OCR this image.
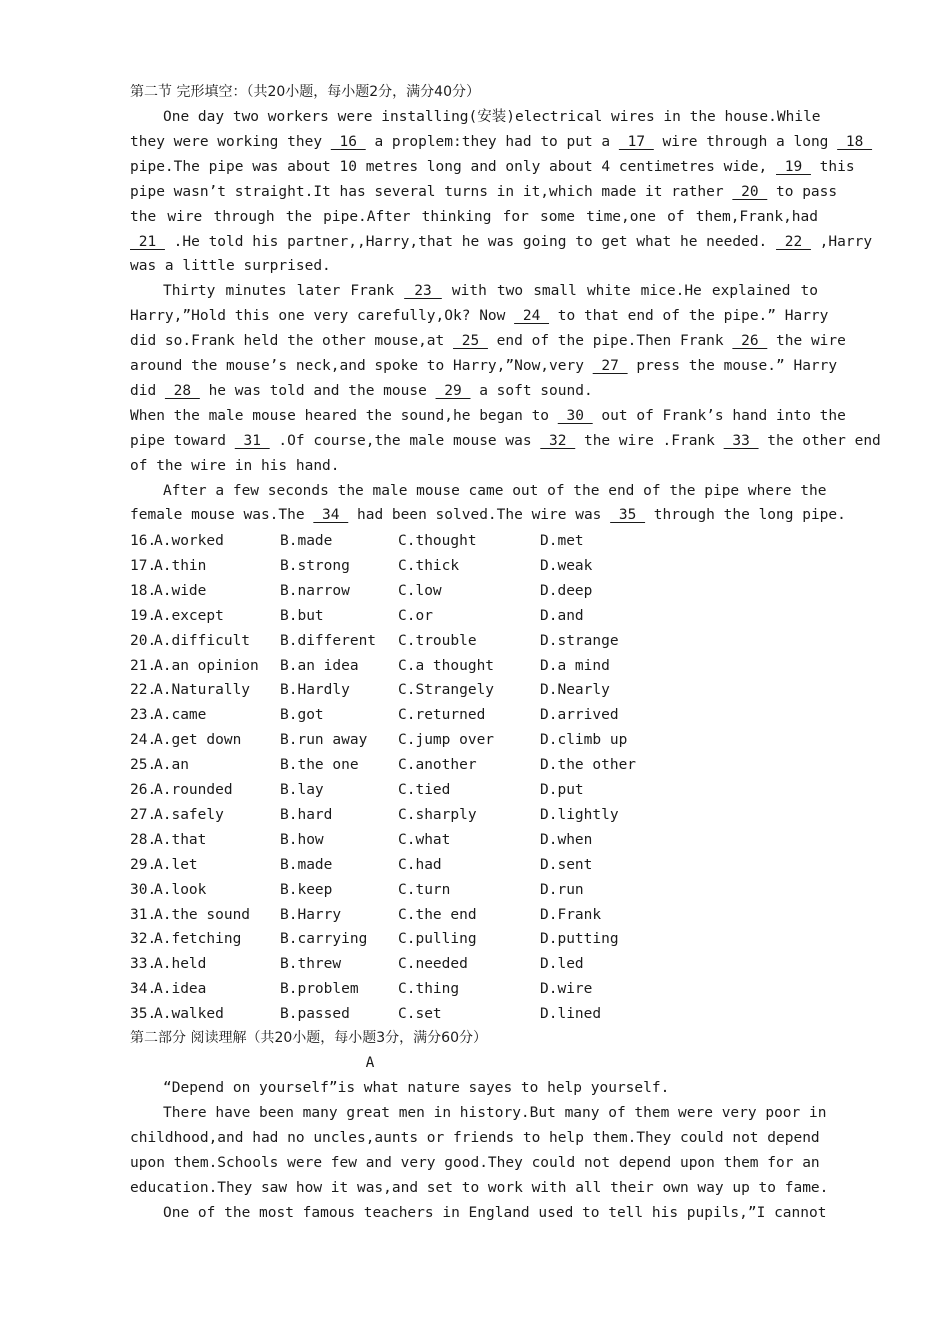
第二节 完形填空：（共20小题，每小题2分，满分40分）
One day two workers were installing(安装)electrical wires in the house.While
they were working they  16  a proplem:they had to put a  17  wire through a long  18
pipe.The pipe was about 10 metres long and only about 4 centimetres wide,  19  this
pipe wasn’t straight.It has several turns in it,which made it rather  20  to pass
the wire through the pipe.After thinking for some time,one of them,Frank,had
21  .He told his partner,,Harry,that he was going to get what he needed.  22  ,Harry
was a little surprised.
Thirty minutes later Frank  23  with two small white mice.He explained to
Harry,”Hold this one very carefully,Ok? Now  24  to that end of the pipe.” Harry
did so.Frank held the other mouse,at  25  end of the pipe.Then Frank  26  the wire
around the mouse’s neck,and spoke to Harry,”Now,very  27  press the mouse.” Harry
did  28  he was told and the mouse  29  a soft sound.
When the male mouse heared the sound,he began to  30  out of Frank’s hand into the
pipe toward  31  .Of course,the male mouse was  32  the wire .Frank  33  the other end
of the wire in his hand.
After a few seconds the male mouse came out of the end of the pipe where the
female mouse was.The  34  had been solved.The wire was  35  through the long pipe.
16.
A.worked	B.made	C.thought	D.met
17.
A.thin	B.strong	C.thick	D.weak
18.
A.wide	B.narrow	C.low	D.deep
19.
A.except	B.but	C.or	D.and
20.
A.difficult B.different C.trouble	D.strange
21.
A.an opinion B.an idea	C.a thought	D.a mind
22.
A.Naturally B.Hardly	C.Strangely	D.Nearly
23.
A.came	B.got	C.returned	D.arrived
24.
A.get down	B.run away C.jump over	D.climb up
25.
A.an	B.the one	C.another	D.the other
26.
A.rounded	B.lay	C.tied	D.put
27.
A.safely	B.hard	C.sharply	D.lightly
28.
A.that	B.how	C.what	D.when
29.
A.let	B.made	C.had	D.sent
30.
A.look	B.keep	C.turn	D.run
31.
A.the sound B.Harry	C.the end	D.Frank
32.
A.fetching	B.carrying C.pulling	D.putting
33.
A.held	B.threw	C.needed	D.led
34.
A.idea	B.problem	C.thing	D.wire
35.
A.walked	B.passed	C.set	D.lined
第二部分 阅读理解（共20小题，每小题3分，满分60分）
A
“Depend on yourself”is what nature sayes to help yourself.
There have been many great men in history.But many of them were very poor in
childhood,and had no uncles,aunts or friends to help them.They could not depend
upon them.Schools were few and very good.They could not depend upon them for an
education.They saw how it was,and set to work with all their own way up to fame.
One of the most famous teachers in England used to tell his pupils,”I cannot
